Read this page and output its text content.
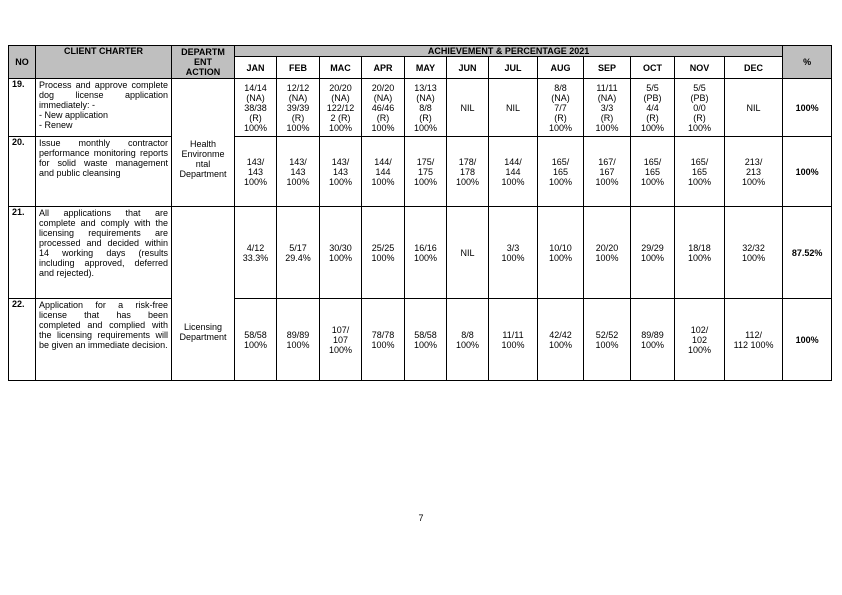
NO	CLIENT CHARTER	DEPARTM
ENT
ACTION	ACHIEVEMENT & PERCENTAGE 2021												%
			JAN	FEB	MAC	APR	MAY	JUN	JUL	AUG	SEP	OCT	NOV	DEC	
19.	Process and approve complete dog license application immediately: -
- New application
- Renew	Health
Environme
ntal
Department	14/14
(NA)
38/38
(R)
100%	12/12
(NA)
39/39
(R)
100%	20/20
(NA)
122/12
2 (R)
100%	20/20
(NA)
46/46
(R)
100%	13/13
(NA)
8/8
(R)
100%	NIL	NIL	8/8
(NA)
7/7
(R)
100%	11/11
(NA)
3/3
(R)
100%	5/5
(PB)
4/4
(R)
100%	5/5
(PB)
0/0
(R)
100%	NIL	100%
20.	Issue monthly contractor performance monitoring reports for solid waste management and public cleansing		143/
143
100%	143/
143
100%	143/
143
100%	144/
144
100%	175/
175
100%	178/
178
100%	144/
144
100%	165/
165
100%	167/
167
100%	165/
165
100%	165/
165
100%	213/
213
100%	100%
21.	All applications that are complete and comply with the licensing requirements are processed and decided within 14 working days (results including approved, deferred and rejected).	Licensing
Department	4/12
33.3%	5/17
29.4%	30/30
100%	25/25
100%	16/16
100%	NIL	3/3
100%	10/10
100%	20/20
100%	29/29
100%	18/18
100%	32/32
100%	87.52%
22.	Application for a risk-free license that has been completed and complied with the licensing requirements will be given an immediate decision.		58/58
100%	89/89
100%	107/
107
100%	78/78
100%	58/58
100%	8/8
100%	11/11
100%	42/42
100%	52/52
100%	89/89
100%	102/
102
100%	112/
112 100%	100%
7
